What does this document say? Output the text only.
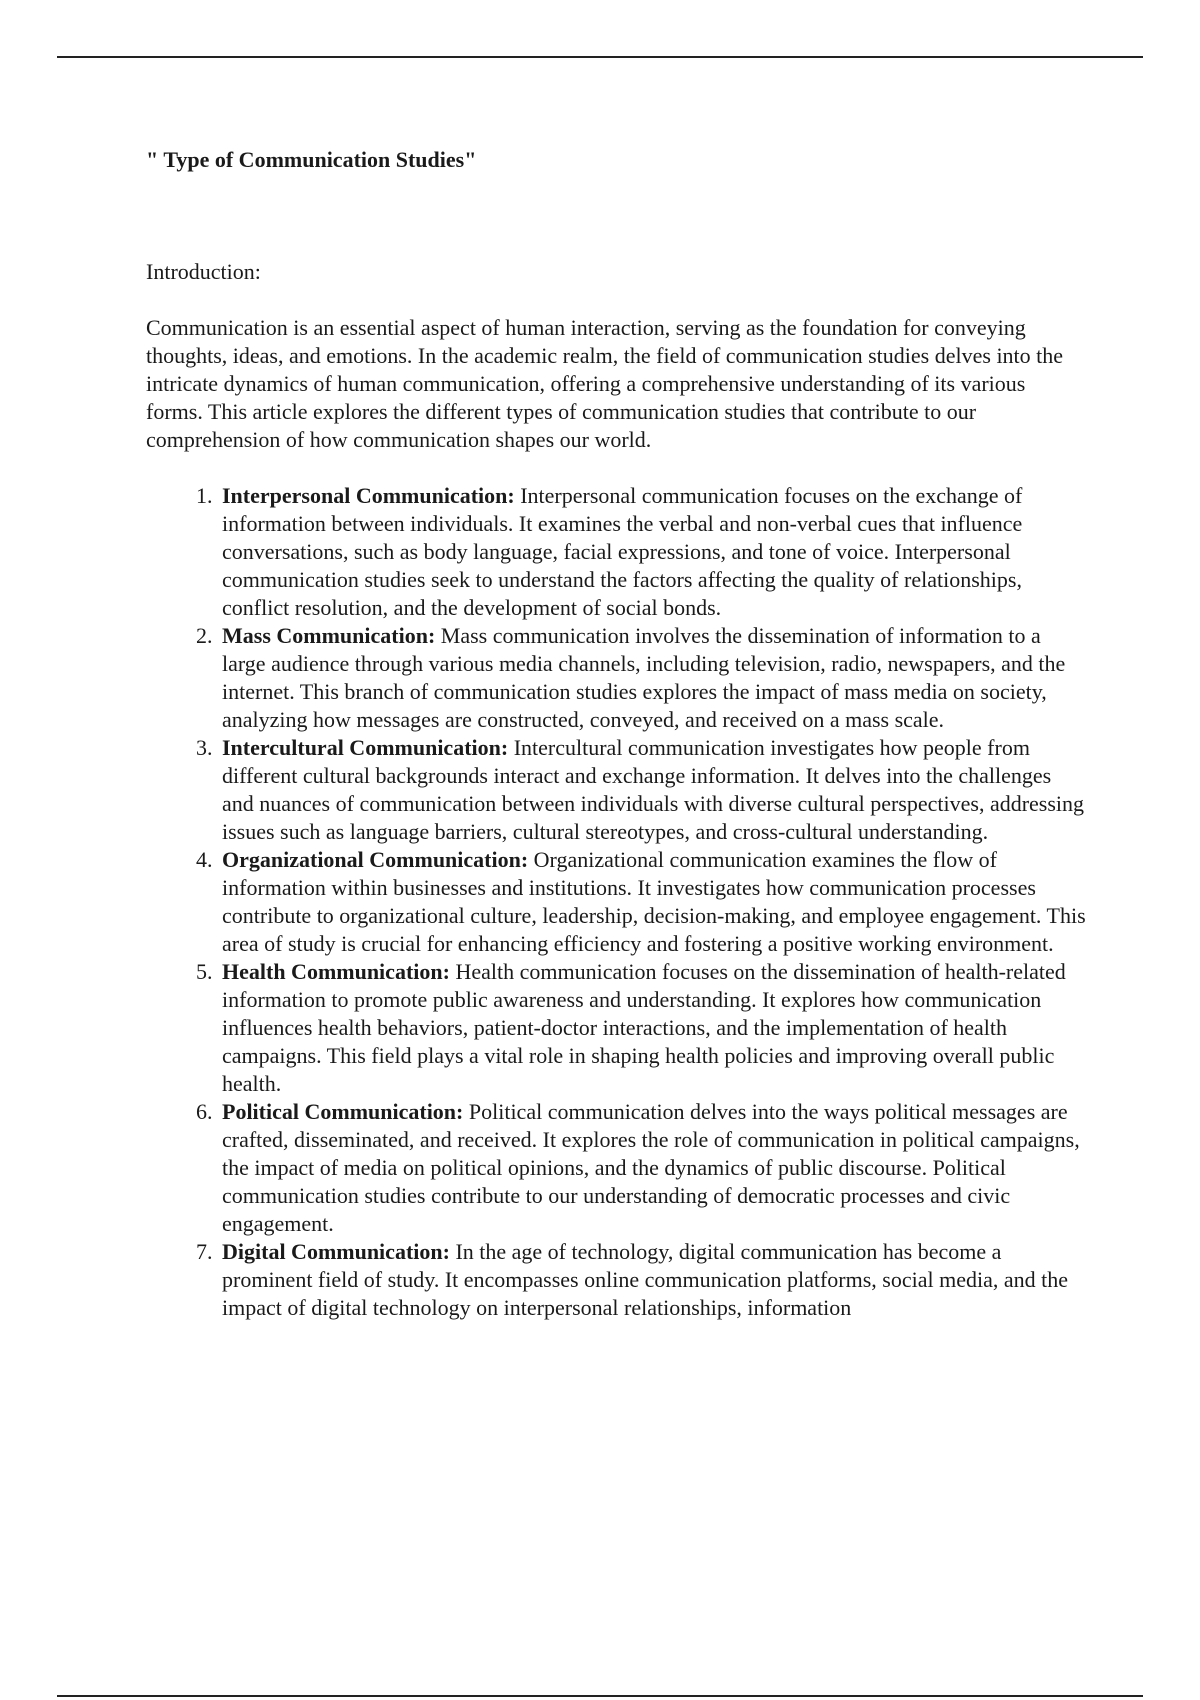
" Type of Communication Studies"

Introduction:

Communication is an essential aspect of human interaction, serving as the foundation for conveying thoughts, ideas, and emotions. In the academic realm, the field of communication studies delves into the intricate dynamics of human communication, offering a comprehensive understanding of its various forms. This article explores the different types of communication studies that contribute to our comprehension of how communication shapes our world.

1. Interpersonal Communication: Interpersonal communication focuses on the exchange of information between individuals. It examines the verbal and non-verbal cues that influence conversations, such as body language, facial expressions, and tone of voice. Interpersonal communication studies seek to understand the factors affecting the quality of relationships, conflict resolution, and the development of social bonds.
2. Mass Communication: Mass communication involves the dissemination of information to a large audience through various media channels, including television, radio, newspapers, and the internet. This branch of communication studies explores the impact of mass media on society, analyzing how messages are constructed, conveyed, and received on a mass scale.
3. Intercultural Communication: Intercultural communication investigates how people from different cultural backgrounds interact and exchange information. It delves into the challenges and nuances of communication between individuals with diverse cultural perspectives, addressing issues such as language barriers, cultural stereotypes, and cross-cultural understanding.
4. Organizational Communication: Organizational communication examines the flow of information within businesses and institutions. It investigates how communication processes contribute to organizational culture, leadership, decision-making, and employee engagement. This area of study is crucial for enhancing efficiency and fostering a positive working environment.
5. Health Communication: Health communication focuses on the dissemination of health-related information to promote public awareness and understanding. It explores how communication influences health behaviors, patient-doctor interactions, and the implementation of health campaigns. This field plays a vital role in shaping health policies and improving overall public health.
6. Political Communication: Political communication delves into the ways political messages are crafted, disseminated, and received. It explores the role of communication in political campaigns, the impact of media on political opinions, and the dynamics of public discourse. Political communication studies contribute to our understanding of democratic processes and civic engagement.
7. Digital Communication: In the age of technology, digital communication has become a prominent field of study. It encompasses online communication platforms, social media, and the impact of digital technology on interpersonal relationships, information
